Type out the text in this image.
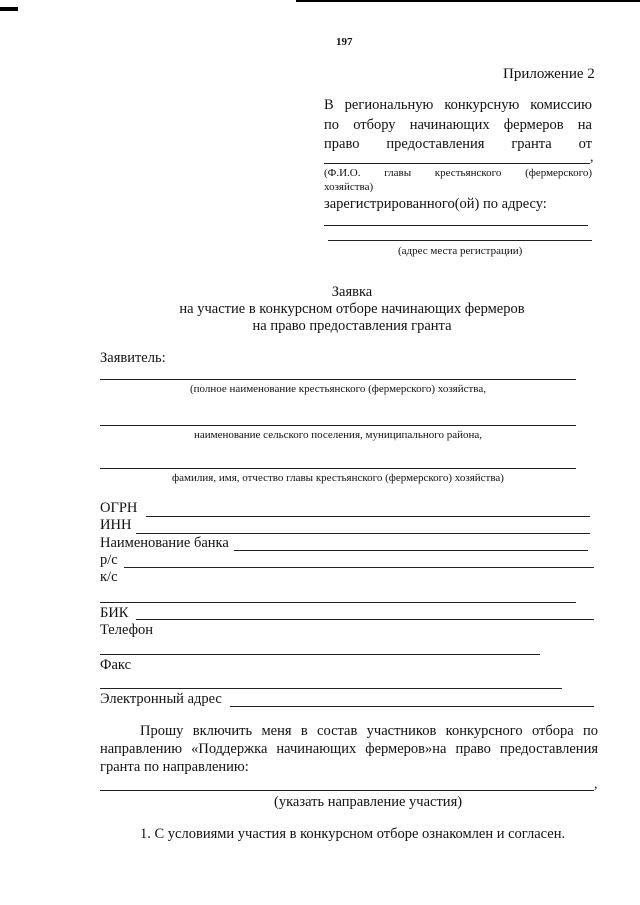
197
Приложение 2
В региональную конкурсную комиссию
по отбору начинающих фермеров на
право предоставления гранта от
,
(Ф.И.О. главы крестьянского (фермерского)
хозяйства)
зарегистрированного(ой) по адресу:
(адрес места регистрации)
Заявка
на участие в конкурсном отборе начинающих фермеров
на право предоставления гранта
Заявитель:
(полное наименование крестьянского (фермерского) хозяйства,
наименование сельского поселения, муниципального района,
фамилия, имя, отчество главы крестьянского (фермерского) хозяйства)
ОГРН
ИНН
Наименование банка
р/с
к/с
БИК
Телефон
Факс
Электронный адрес
Прошу включить меня в состав участников конкурсного отбора по
направлению «Поддержка начинающих фермеров»на право предоставления
гранта по направлению:
,
(указать направление участия)
1. С условиями участия в конкурсном отборе ознакомлен и согласен.
